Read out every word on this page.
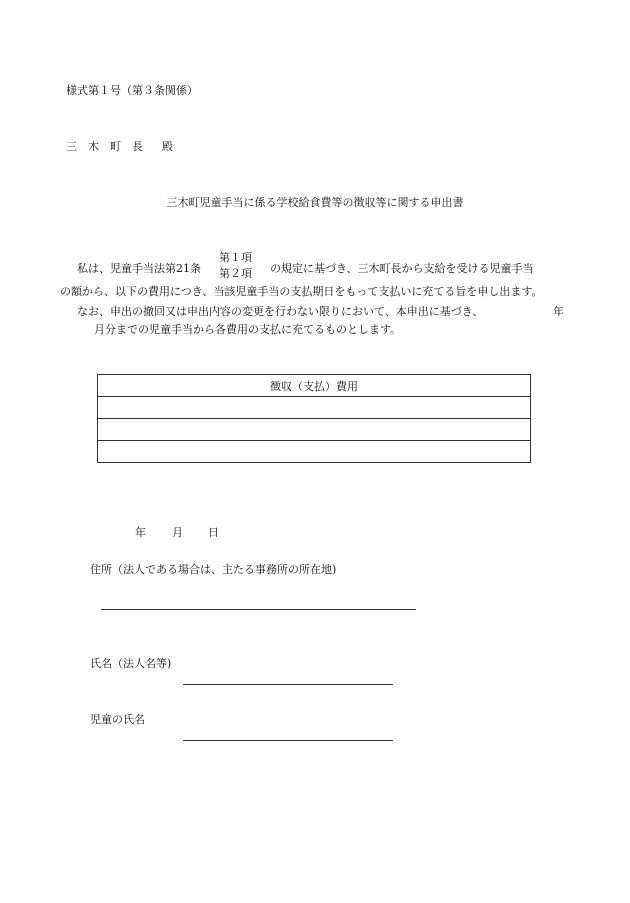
様式第１号（第３条関係）
三 木 町 長 殿
三木町児童手当に係る学校給食費等の徴収等に関する申出書
私は、児童手当法第21条
第１項
第２項 の規定に基づき、三木町長から支給を受ける児童手当
の額から、以下の費用につき、当該児童手当の支払期日をもって支払いに充てる旨を申し出ます。
なお、申出の撤回又は申出内容の変更を行わない限りにおいて、本申出に基づき、	年
月分までの児童手当から各費用の支払に充てるものとします。
徴収（支払）費用

年 月 日
住所（法人である場合は、主たる事務所の所在地)
氏名（法人名等)
児童の氏名
